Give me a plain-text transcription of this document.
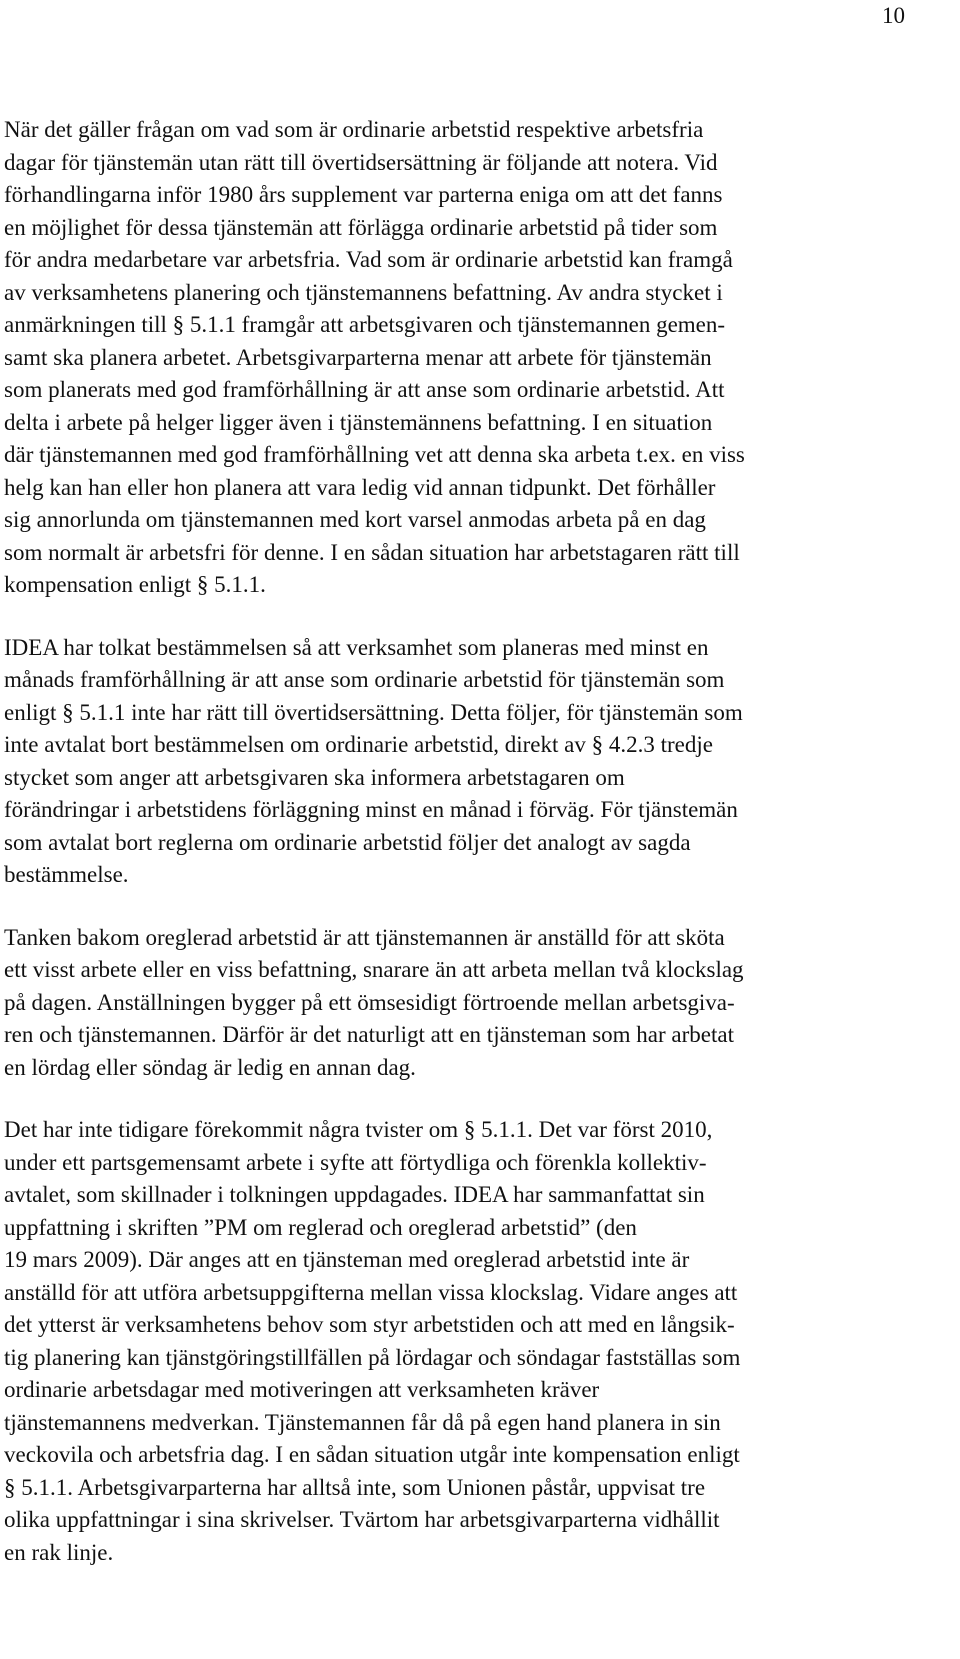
10

När det gäller frågan om vad som är ordinarie arbetstid respektive arbetsfria
dagar för tjänstemän utan rätt till övertidsersättning är följande att notera. Vid
förhandlingarna inför 1980 års supplement var parterna eniga om att det fanns
en möjlighet för dessa tjänstemän att förlägga ordinarie arbetstid på tider som
för andra medarbetare var arbetsfria. Vad som är ordinarie arbetstid kan framgå
av verksamhetens planering och tjänstemannens befattning. Av andra stycket i
anmärkningen till § 5.1.1 framgår att arbetsgivaren och tjänstemannen gemen-
samt ska planera arbetet. Arbetsgivarparterna menar att arbete för tjänstemän
som planerats med god framförhållning är att anse som ordinarie arbetstid. Att
delta i arbete på helger ligger även i tjänstemännens befattning. I en situation
där tjänstemannen med god framförhållning vet att denna ska arbeta t.ex. en viss
helg kan han eller hon planera att vara ledig vid annan tidpunkt. Det förhåller
sig annorlunda om tjänstemannen med kort varsel anmodas arbeta på en dag
som normalt är arbetsfri för denne. I en sådan situation har arbetstagaren rätt till
kompensation enligt § 5.1.1.

IDEA har tolkat bestämmelsen så att verksamhet som planeras med minst en
månads framförhållning är att anse som ordinarie arbetstid för tjänstemän som
enligt § 5.1.1 inte har rätt till övertidsersättning. Detta följer, för tjänstemän som
inte avtalat bort bestämmelsen om ordinarie arbetstid, direkt av § 4.2.3 tredje
stycket som anger att arbetsgivaren ska informera arbetstagaren om
förändringar i arbetstidens förläggning minst en månad i förväg. För tjänstemän
som avtalat bort reglerna om ordinarie arbetstid följer det analogt av sagda
bestämmelse.

Tanken bakom oreglerad arbetstid är att tjänstemannen är anställd för att sköta
ett visst arbete eller en viss befattning, snarare än att arbeta mellan två klockslag
på dagen. Anställningen bygger på ett ömsesidigt förtroende mellan arbetsgiva-
ren och tjänstemannen. Därför är det naturligt att en tjänsteman som har arbetat
en lördag eller söndag är ledig en annan dag.

Det har inte tidigare förekommit några tvister om § 5.1.1. Det var först 2010,
under ett partsgemensamt arbete i syfte att förtydliga och förenkla kollektiv-
avtalet, som skillnader i tolkningen uppdagades. IDEA har sammanfattat sin
uppfattning i skriften ”PM om reglerad och oreglerad arbetstid” (den
19 mars 2009). Där anges att en tjänsteman med oreglerad arbetstid inte är
anställd för att utföra arbetsuppgifterna mellan vissa klockslag. Vidare anges att
det ytterst är verksamhetens behov som styr arbetstiden och att med en långsik-
tig planering kan tjänstgöringstillfällen på lördagar och söndagar fastställas som
ordinarie arbetsdagar med motiveringen att verksamheten kräver
tjänstemannens medverkan. Tjänstemannen får då på egen hand planera in sin
veckovila och arbetsfria dag. I en sådan situation utgår inte kompensation enligt
§ 5.1.1. Arbetsgivarparterna har alltså inte, som Unionen påstår, uppvisat tre
olika uppfattningar i sina skrivelser. Tvärtom har arbetsgivarparterna vidhållit
en rak linje.
